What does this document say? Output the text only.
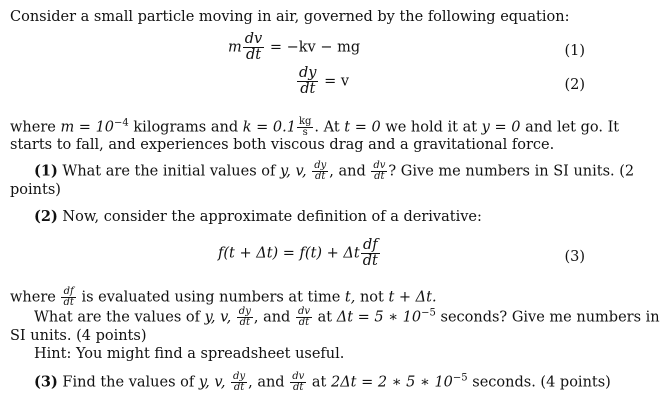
Consider a small particle moving in air, governed by the following equation:
m $\frac{dv}{dt} = -kv$ − mg	(1)
$\frac{dy}{dt} = v$	(2)
where $m = 10^{-4}$ kilograms and $k = 0.1 \frac{kg}{s}$ . At t = 0 we hold it at y = 0 and let go. It
starts to fall, and experiences both viscous drag and a gravitational force.
(1) What are the initial values of y, v, $\frac{dy}{dt}$ , and $\frac{dv}{dt}$ ? Give me numbers in SI units. (2
points)
(2) Now, consider the approximate definition of a derivative:
f(t + Δt) = f(t) + Δt $\frac{df}{dt}$	(3)
where $\frac{df}{dt}$ is evaluated using numbers at time t, not t + Δt.
What are the values of y, v, $\frac{dy}{dt}$ , and $\frac{dv}{dt}$ at Δt = 5 ∗ $10^{-5}$ seconds? Give me numbers in
SI units. (4 points)
Hint: You might find a spreadsheet useful.
(3) Find the values of y, v, $\frac{dy}{dt}$ , and $\frac{dv}{dt}$ at 2Δt = 2 ∗ 5 ∗ $10^{-5}$ seconds. (4 points)
